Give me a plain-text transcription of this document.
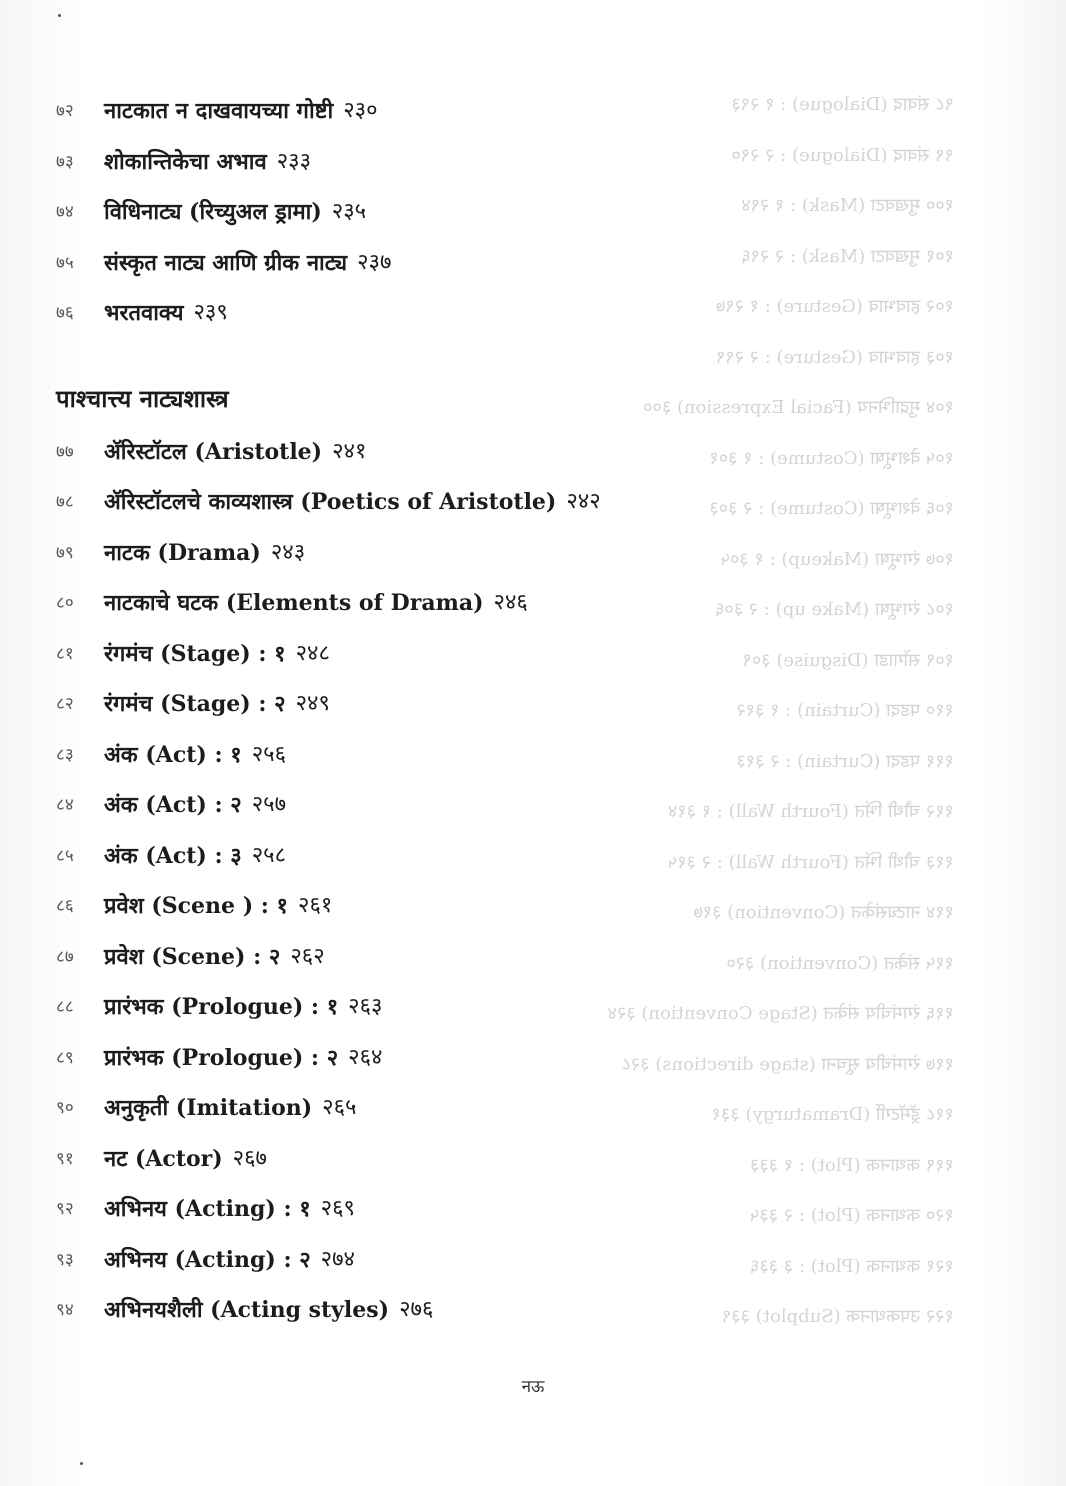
९८ संवाद (Dialogue) : १ २९३
९९ संवाद (Dialogue) : २ २९०
१०० मुखवटा (Mask) : १ २९४
१०१ मुखवटा (Mask) : २ २९६
१०२ हावभाव (Gesture) : १ २९७
१०३ हावभाव (Gesture) : २ २९९
१०४ मुद्राभिनय (Facial Expression) ३००
१०५ वेशभूषा (Costume) : १ ३०१
१०६ वेशभूषा (Costume) : २ ३०३
१०७ रंगभूषा (Makeup) : १ ३०५
१०८ रंगभूषा (Make up) : २ ३०६
१०९ सोंगाडा (Disguise) ३०९
११० पडदा (Curtain) : १ ३१२
१११ पडदा (Curtain) : २ ३१३
११२ चौथी भिंत (Fourth Wall) : १ ३१४
११३ चौथी भिंत (Fourth Wall) : २ ३१५
११४ नाट्यसंकेत (Convention) ३१७
११५ संकेत (Convention) ३२०
११६ रंगमंचीय संकेत (Stage Convention) ३२४
११७ रंगमंचीय सूचना (stage directions) ३२८
११८ ड्रॅमॅटर्गी (Dramaturgy) ३३१
११९ कथानक (Plot) : १ ३३३
१२० कथानक (Plot) : २ ३३५
१२१ कथानक (Plot) : ३ ३३६
१२२ उपकथानक (Subplot) ३३९
७२	नाटकात न दाखवायच्या गोष्टी २३०
७३	शोकान्तिकेचा अभाव २३३
७४	विधिनाट्य (रिच्युअल ड्रामा) २३५
७५	संस्कृत नाट्य आणि ग्रीक नाट्य २३७
७६	भरतवाक्य २३९
पाश्चात्त्य नाट्यशास्त्र
७७	ॲरिस्टॉटल (Aristotle) २४१
७८	ॲरिस्टॉटलचे काव्यशास्त्र (Poetics of Aristotle) २४२
७९	नाटक (Drama) २४३
८०	नाटकाचे घटक (Elements of Drama) २४६
८१	रंगमंच (Stage) : १ २४८
८२	रंगमंच (Stage) : २ २४९
८३	अंक (Act) : १ २५६
८४	अंक (Act) : २ २५७
८५	अंक (Act) : ३ २५८
८६	प्रवेश (Scene ) : १ २६१
८७	प्रवेश (Scene) : २ २६२
८८	प्रारंभक (Prologue) : १ २६३
८९	प्रारंभक (Prologue) : २ २६४
९०	अनुकृती (Imitation) २६५
९१	नट (Actor) २६७
९२	अभिनय (Acting) : १ २६९
९३	अभिनय (Acting) : २ २७४
९४	अभिनयशैली (Acting styles) २७६
नऊ
